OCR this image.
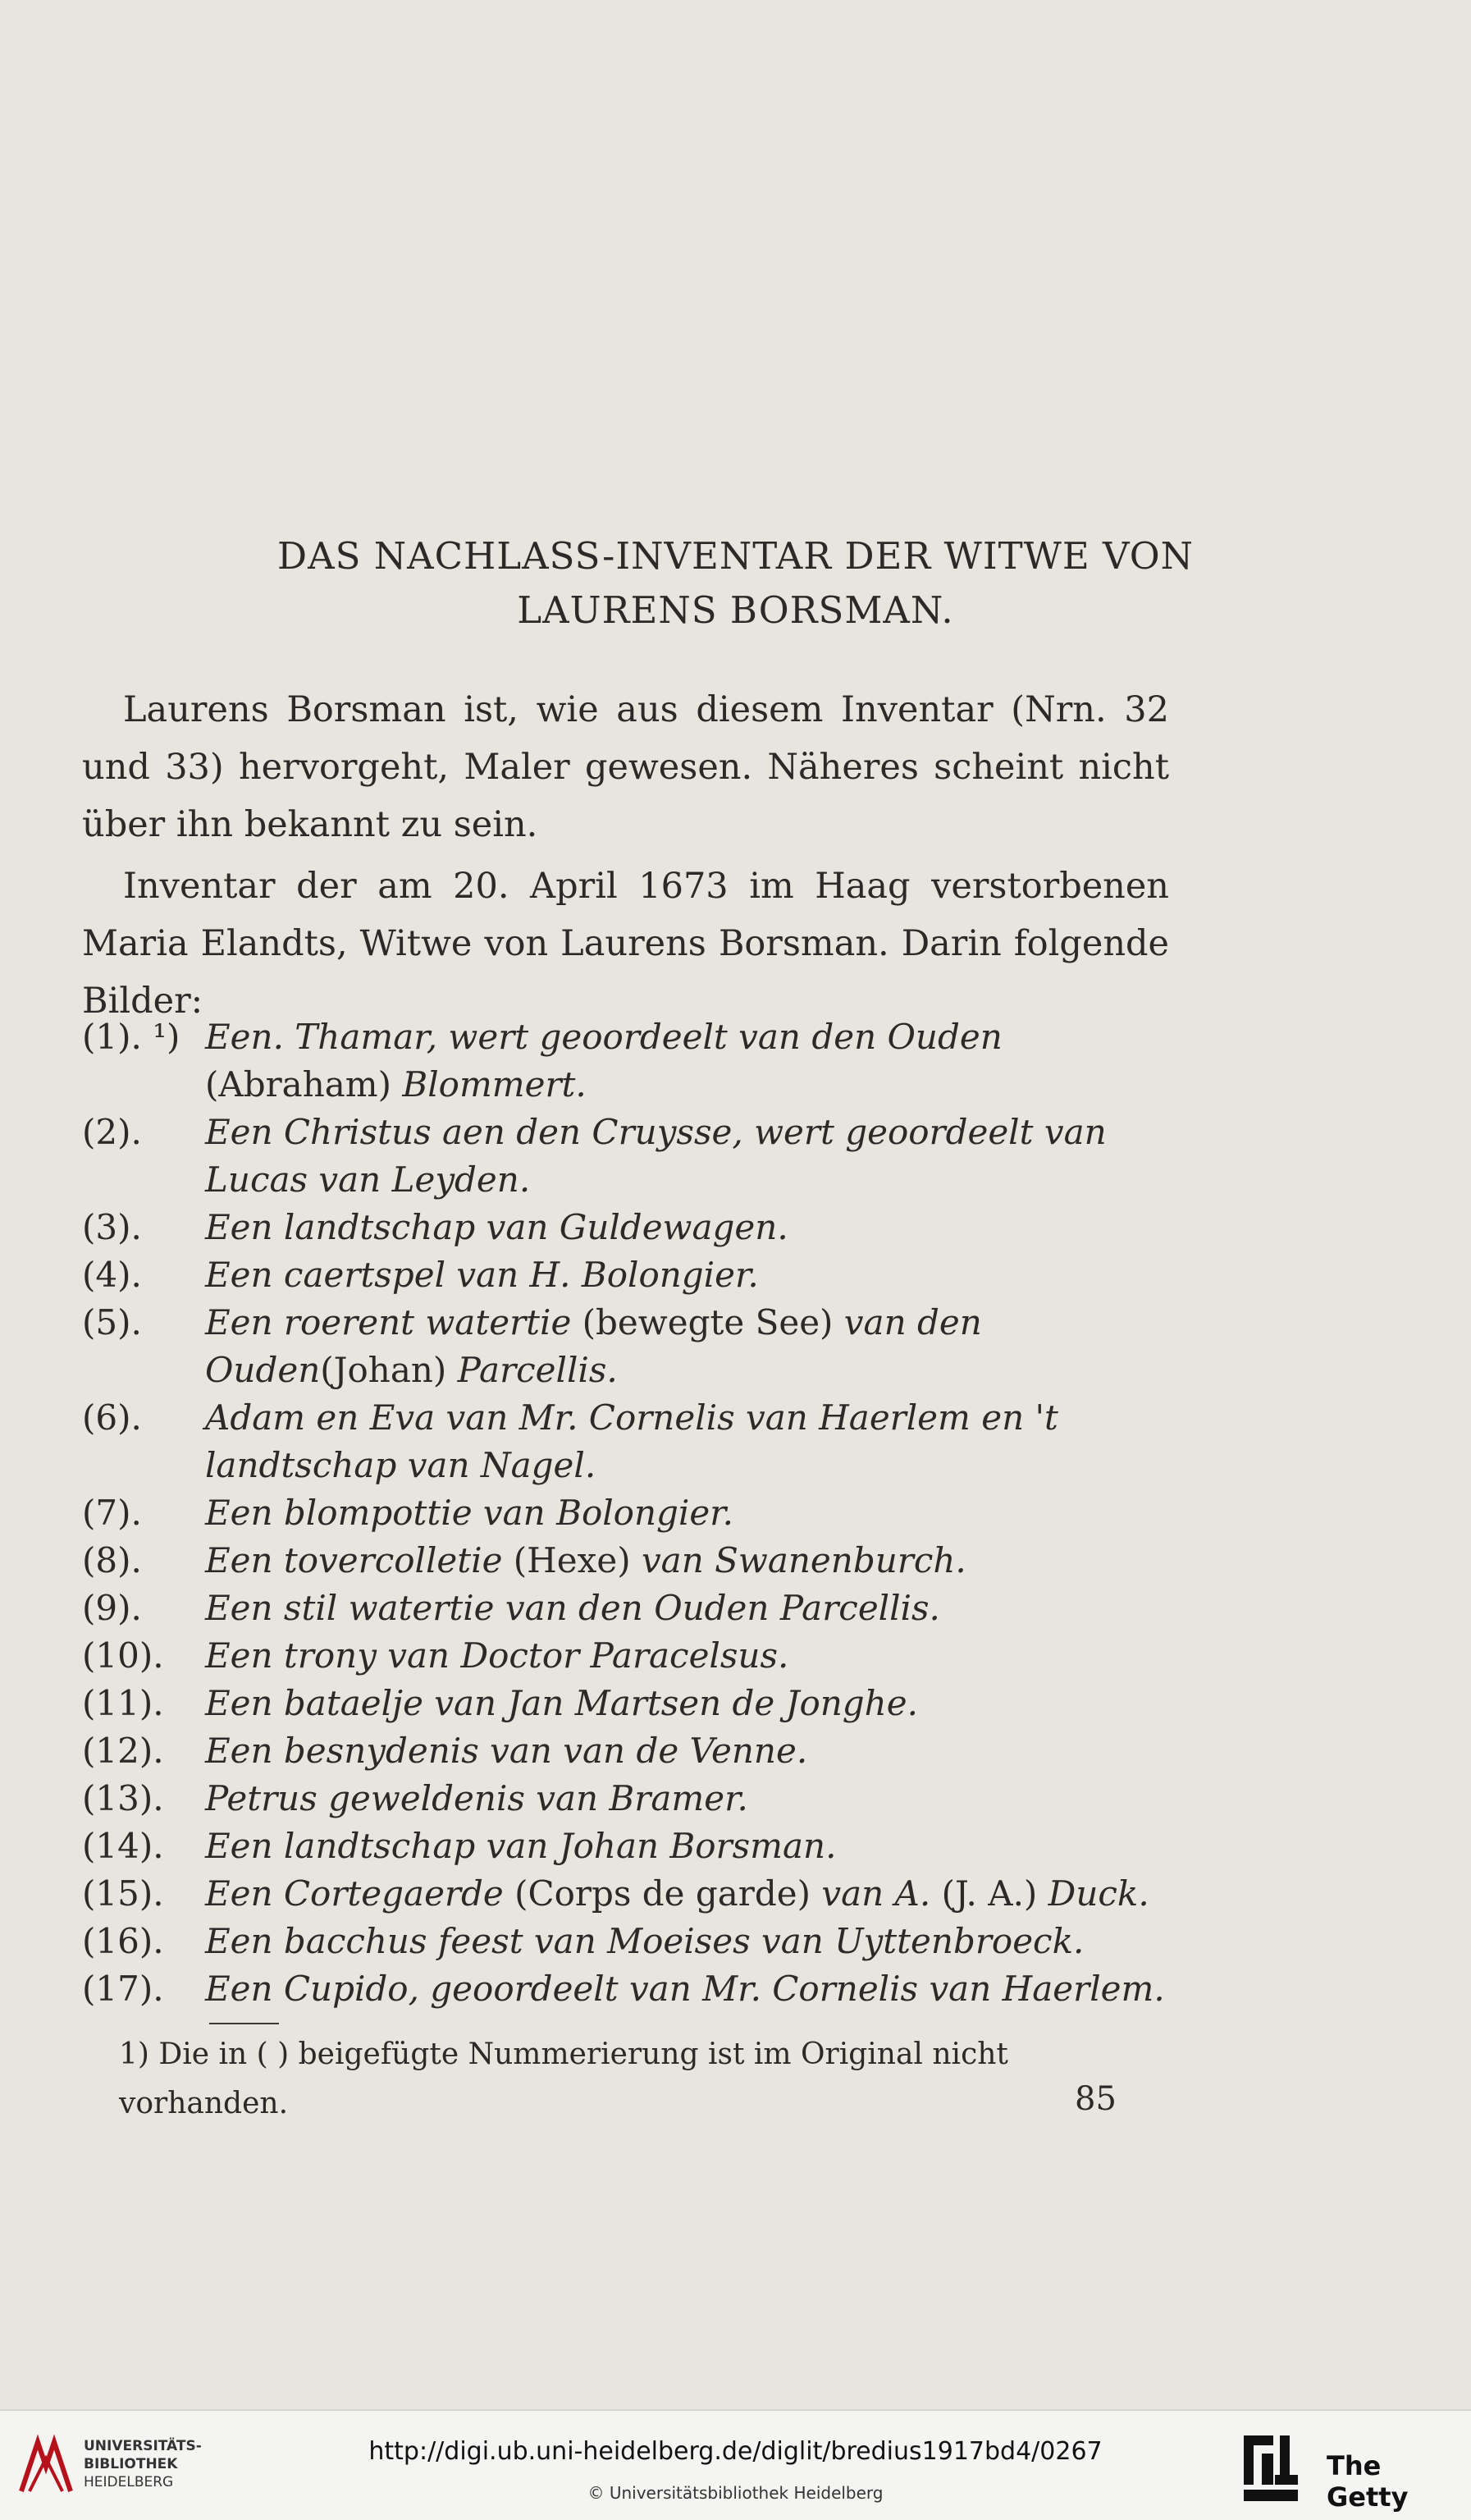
DAS NACHLASS-INVENTAR DER WITWE VON
LAURENS BORSMAN.
Laurens Borsman ist, wie aus diesem Inventar (Nrn. 32 und 33) hervorgeht, Maler gewesen. Näheres scheint nicht über ihn bekannt zu sein.
Inventar der am 20. April 1673 im Haag verstorbenen Maria Elandts, Witwe von Laurens Borsman. Darin folgende Bilder:
(1). ¹) Een. Thamar, wert geoordeelt van den Ouden (Abraham) Blommert.
(2).	Een Christus aen den Cruysse, wert geoordeelt van Lucas van Leyden.
(3).	Een landtschap van Guldewagen.
(4).	Een caertspel van H. Bolongier.
(5).	Een roerent watertie (bewegte See) van den Ouden(Johan) Parcellis.
(6).	Adam en Eva van Mr. Cornelis van Haerlem en 't landtschap van Nagel.
(7).	Een blompottie van Bolongier.
(8).	Een tovercolletie (Hexe) van Swanenburch.
(9).	Een stil watertie van den Ouden Parcellis.
(10).	Een trony van Doctor Paracelsus.
(11).	Een bataelje van Jan Martsen de Jonghe.
(12).	Een besnydenis van van de Venne.
(13).	Petrus geweldenis van Bramer.
(14).	Een landtschap van Johan Borsman.
(15).	Een Cortegaerde (Corps de garde) van A. (J. A.) Duck.
(16).	Een bacchus feest van Moeises van Uyttenbroeck.
(17).	Een Cupido, geoordeelt van Mr. Cornelis van Haerlem.
1) Die in ( ) beigefügte Nummerierung ist im Original nicht vorhanden.	85
UNIVERSITÄTS-
BIBLIOTHEK
HEIDELBERG
http://digi.ub.uni-heidelberg.de/diglit/bredius1917bd4/0267
© Universitätsbibliothek Heidelberg
The Getty
